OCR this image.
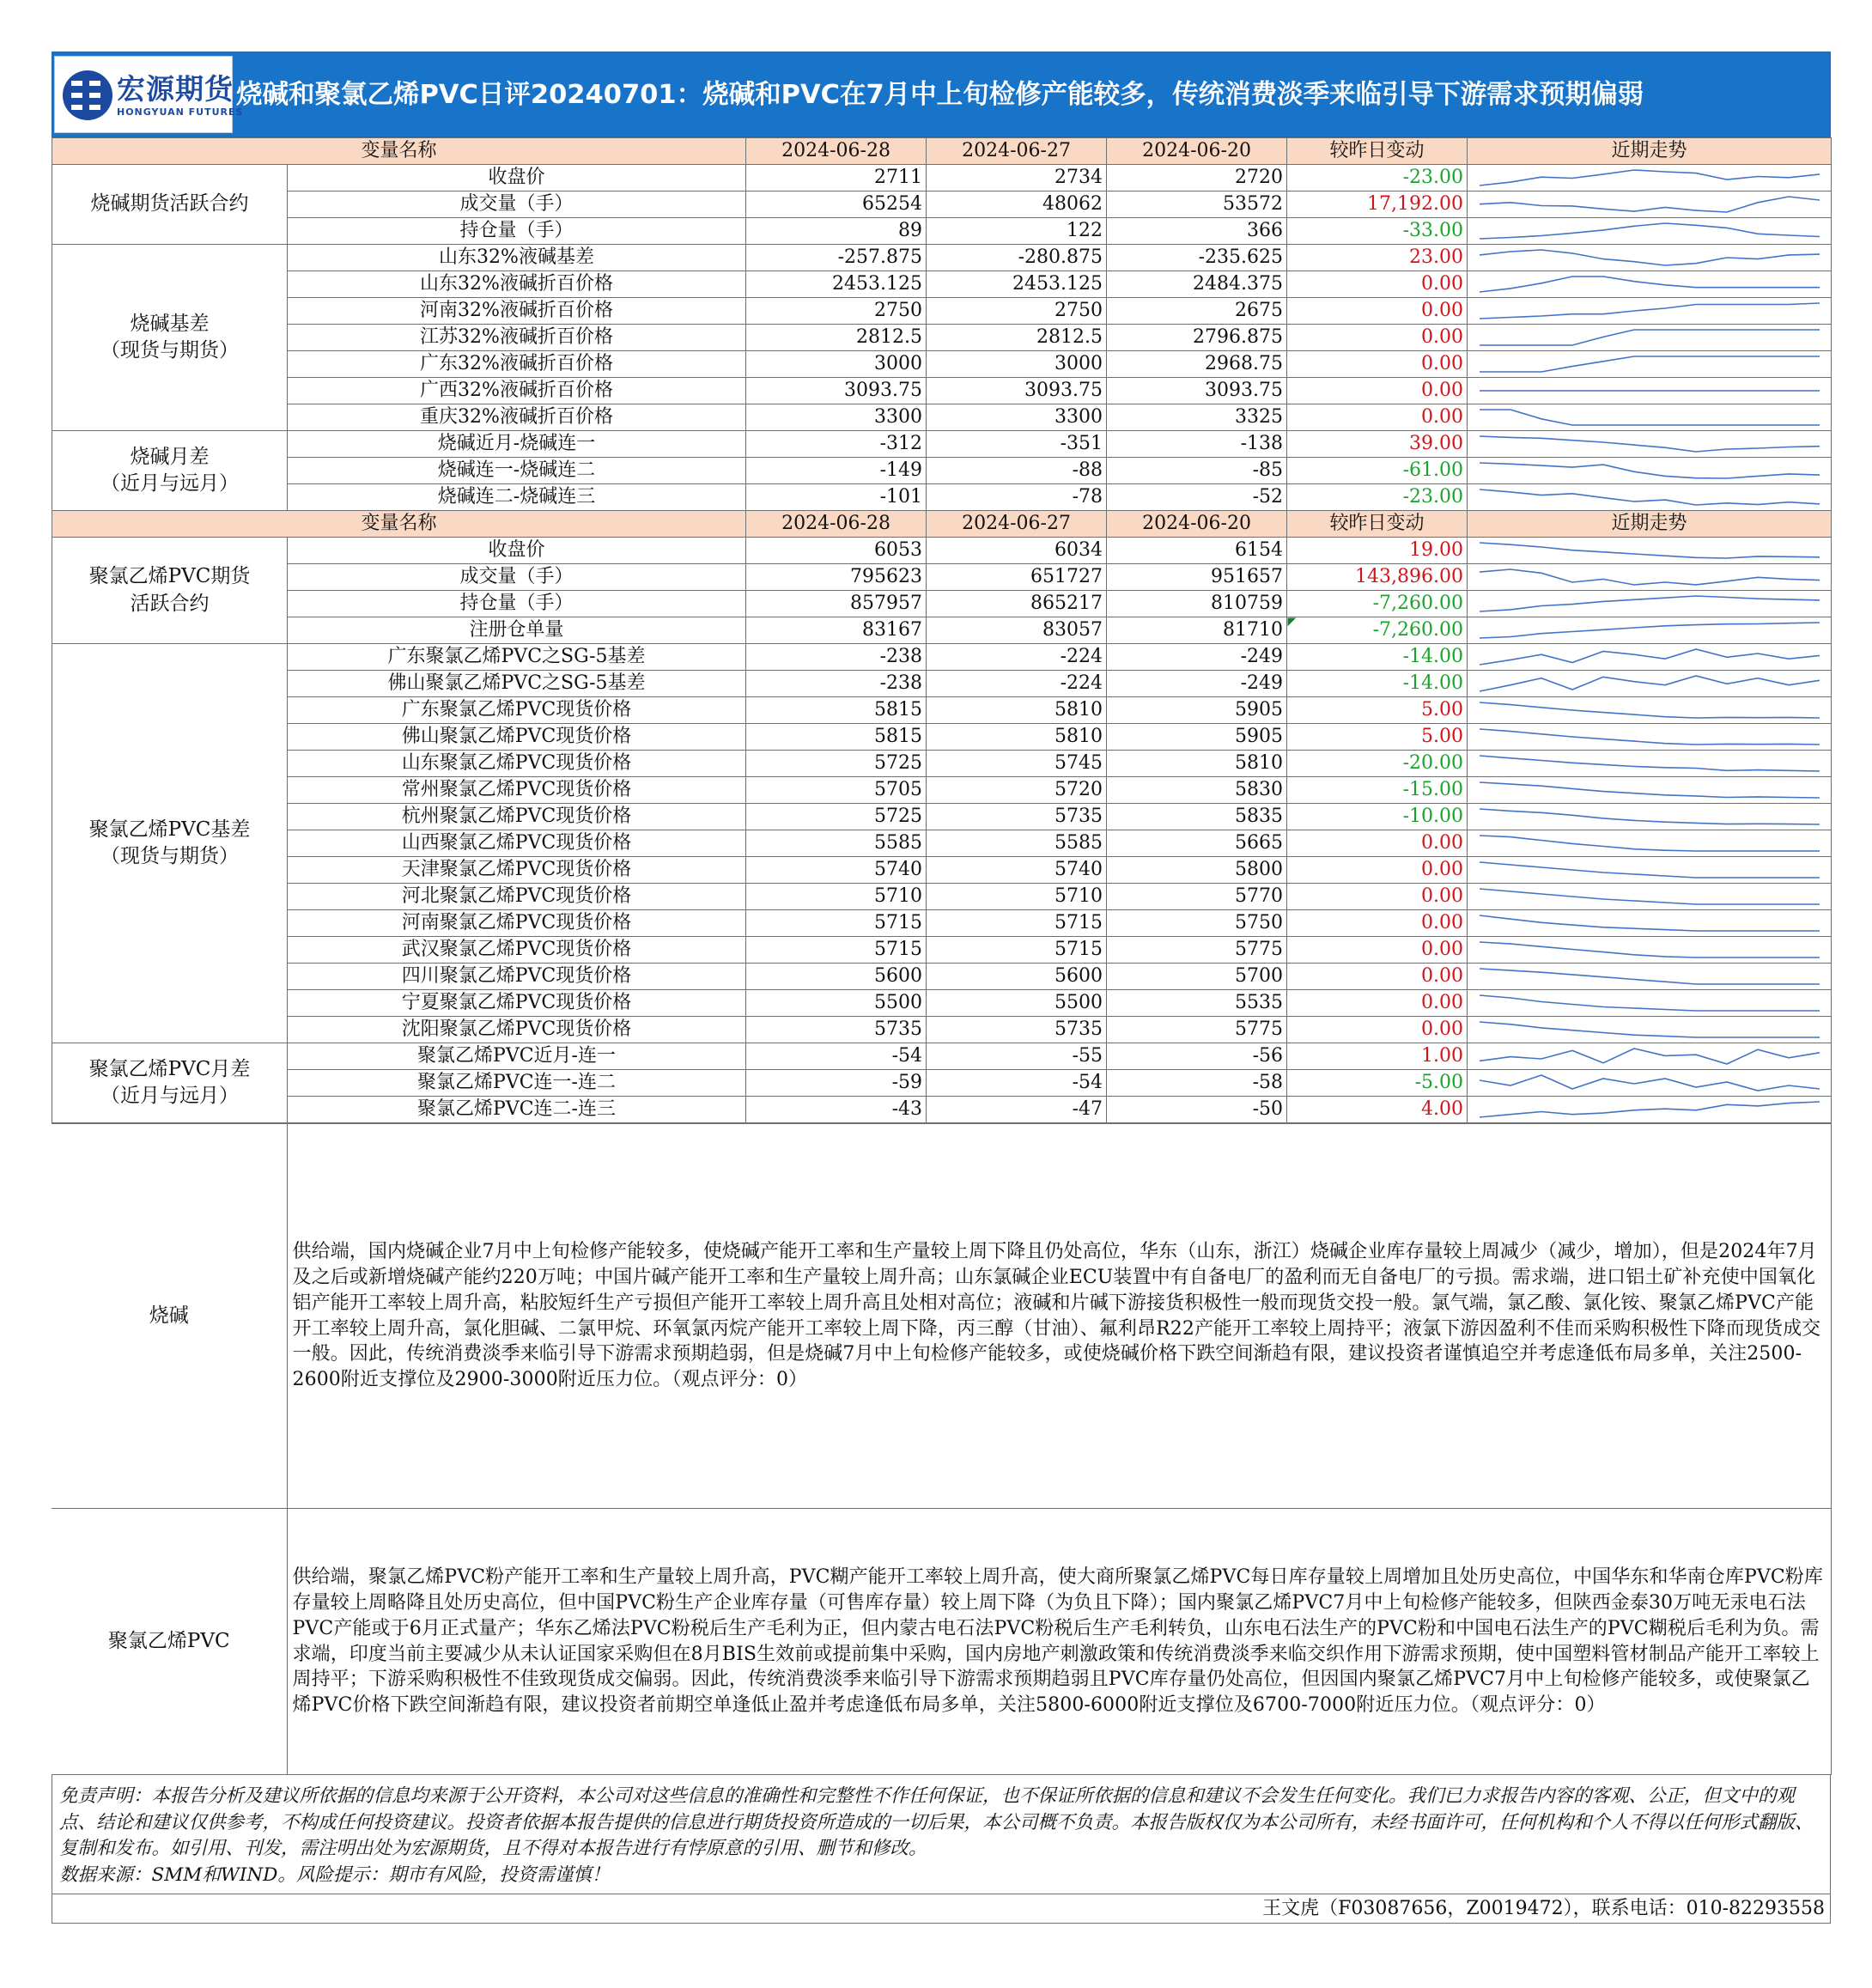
宏源期货
HONGYUAN FUTURES
烧碱和聚氯乙烯PVC日评20240701：烧碱和PVC在7月中上旬检修产能较多，传统消费淡季来临引导下游需求预期偏弱
变量名称		2024-06-28	2024-06-27	2024-06-20	较昨日变动	近期走势

烧碱期货活跃合约	收盘价	2711	2734	2720	-23.00	

	成交量（手）	65254	48062	53572	17,192.00	

	持仓量（手）	89	122	366	-33.00	

烧碱基差
（现货与期货）	山东32%液碱基差	-257.875	-280.875	-235.625	23.00	

	山东32%液碱折百价格	2453.125	2453.125	2484.375	0.00	

	河南32%液碱折百价格	2750	2750	2675	0.00	

	江苏32%液碱折百价格	2812.5	2812.5	2796.875	0.00	

	广东32%液碱折百价格	3000	3000	2968.75	0.00	

	广西32%液碱折百价格	3093.75	3093.75	3093.75	0.00	

	重庆32%液碱折百价格	3300	3300	3325	0.00	

烧碱月差
（近月与远月）	烧碱近月-烧碱连一	-312	-351	-138	39.00	

	烧碱连一-烧碱连二	-149	-88	-85	-61.00	

	烧碱连二-烧碱连三	-101	-78	-52	-23.00	

变量名称		2024-06-28	2024-06-27	2024-06-20	较昨日变动	近期走势

聚氯乙烯PVC期货
活跃合约	收盘价	6053	6034	6154	19.00	

	成交量（手）	795623	651727	951657	143,896.00	

	持仓量（手）	857957	865217	810759	-7,260.00	

	注册仓单量	83167	83057	81710	-7,260.00	

聚氯乙烯PVC基差
（现货与期货）	广东聚氯乙烯PVC之SG-5基差	-238	-224	-249	-14.00	

	佛山聚氯乙烯PVC之SG-5基差	-238	-224	-249	-14.00	

	广东聚氯乙烯PVC现货价格	5815	5810	5905	5.00	

	佛山聚氯乙烯PVC现货价格	5815	5810	5905	5.00	

	山东聚氯乙烯PVC现货价格	5725	5745	5810	-20.00	

	常州聚氯乙烯PVC现货价格	5705	5720	5830	-15.00	

	杭州聚氯乙烯PVC现货价格	5725	5735	5835	-10.00	

	山西聚氯乙烯PVC现货价格	5585	5585	5665	0.00	

	天津聚氯乙烯PVC现货价格	5740	5740	5800	0.00	

	河北聚氯乙烯PVC现货价格	5710	5710	5770	0.00	

	河南聚氯乙烯PVC现货价格	5715	5715	5750	0.00	

	武汉聚氯乙烯PVC现货价格	5715	5715	5775	0.00	

	四川聚氯乙烯PVC现货价格	5600	5600	5700	0.00	

	宁夏聚氯乙烯PVC现货价格	5500	5500	5535	0.00	

	沈阳聚氯乙烯PVC现货价格	5735	5735	5775	0.00	

聚氯乙烯PVC月差
（近月与远月）	聚氯乙烯PVC近月-连一	-54	-55	-56	1.00	

	聚氯乙烯PVC连一-连二	-59	-54	-58	-5.00	

	聚氯乙烯PVC连二-连三	-43	-47	-50	4.00	
烧碱	供给端，国内烧碱企业7月中上旬检修产能较多，使烧碱产能开工率和生产量较上周下降且仍处高位，华东（山东，浙江）烧碱企业库存量较上周减少（减少，增加），但是2024年7月及之后或新增烧碱产能约220万吨；中国片碱产能开工率和生产量较上周升高；山东氯碱企业ECU装置中有自备电厂的盈利而无自备电厂的亏损。需求端，进口铝土矿补充使中国氧化铝产能开工率较上周升高，粘胶短纤生产亏损但产能开工率较上周升高且处相对高位；液碱和片碱下游接货积极性一般而现货交投一般。氯气端，氯乙酸、氯化铵、聚氯乙烯PVC产能开工率较上周升高，氯化胆碱、二氯甲烷、环氧氯丙烷产能开工率较上周下降，丙三醇（甘油）、氟利昂R22产能开工率较上周持平；液氯下游因盈利不佳而采购积极性下降而现货成交一般。因此，传统消费淡季来临引导下游需求预期趋弱，但是烧碱7月中上旬检修产能较多，或使烧碱价格下跌空间渐趋有限，建议投资者谨慎追空并考虑逢低布局多单，关注2500-2600附近支撑位及2900-3000附近压力位。（观点评分：0）
聚氯乙烯PVC	供给端，聚氯乙烯PVC粉产能开工率和生产量较上周升高，PVC糊产能开工率较上周升高，使大商所聚氯乙烯PVC每日库存量较上周增加且处历史高位，中国华东和华南仓库PVC粉库存量较上周略降且处历史高位，但中国PVC粉生产企业库存量（可售库存量）较上周下降（为负且下降）；国内聚氯乙烯PVC7月中上旬检修产能较多，但陕西金泰30万吨无汞电石法PVC产能或于6月正式量产；华东乙烯法PVC粉税后生产毛利为正，但内蒙古电石法PVC粉税后生产毛利转负，山东电石法生产的PVC粉和中国电石法生产的PVC糊税后毛利为负。需求端，印度当前主要减少从未认证国家采购但在8月BIS生效前或提前集中采购，国内房地产刺激政策和传统消费淡季来临交织作用下游需求预期，使中国塑料管材制品产能开工率较上周持平；下游采购积极性不佳致现货成交偏弱。因此，传统消费淡季来临引导下游需求预期趋弱且PVC库存量仍处高位，但因国内聚氯乙烯PVC7月中上旬检修产能较多，或使聚氯乙烯PVC价格下跌空间渐趋有限，建议投资者前期空单逢低止盈并考虑逢低布局多单，关注5800-6000附近支撑位及6700-7000附近压力位。（观点评分：0）
免责声明：本报告分析及建议所依据的信息均来源于公开资料，本公司对这些信息的准确性和完整性不作任何保证，也不保证所依据的信息和建议不会发生任何变化。我们已力求报告内容的客观、公正，但文中的观点、结论和建议仅供参考，不构成任何投资建议。投资者依据本报告提供的信息进行期货投资所造成的一切后果，本公司概不负责。本报告版权仅为本公司所有，未经书面许可，任何机构和个人不得以任何形式翻版、复制和发布。如引用、刊发，需注明出处为宏源期货，且不得对本报告进行有悖原意的引用、删节和修改。
数据来源：SMM和WIND。风险提示：期市有风险，投资需谨慎！
王文虎（F03087656，Z0019472），联系电话：010-82293558
